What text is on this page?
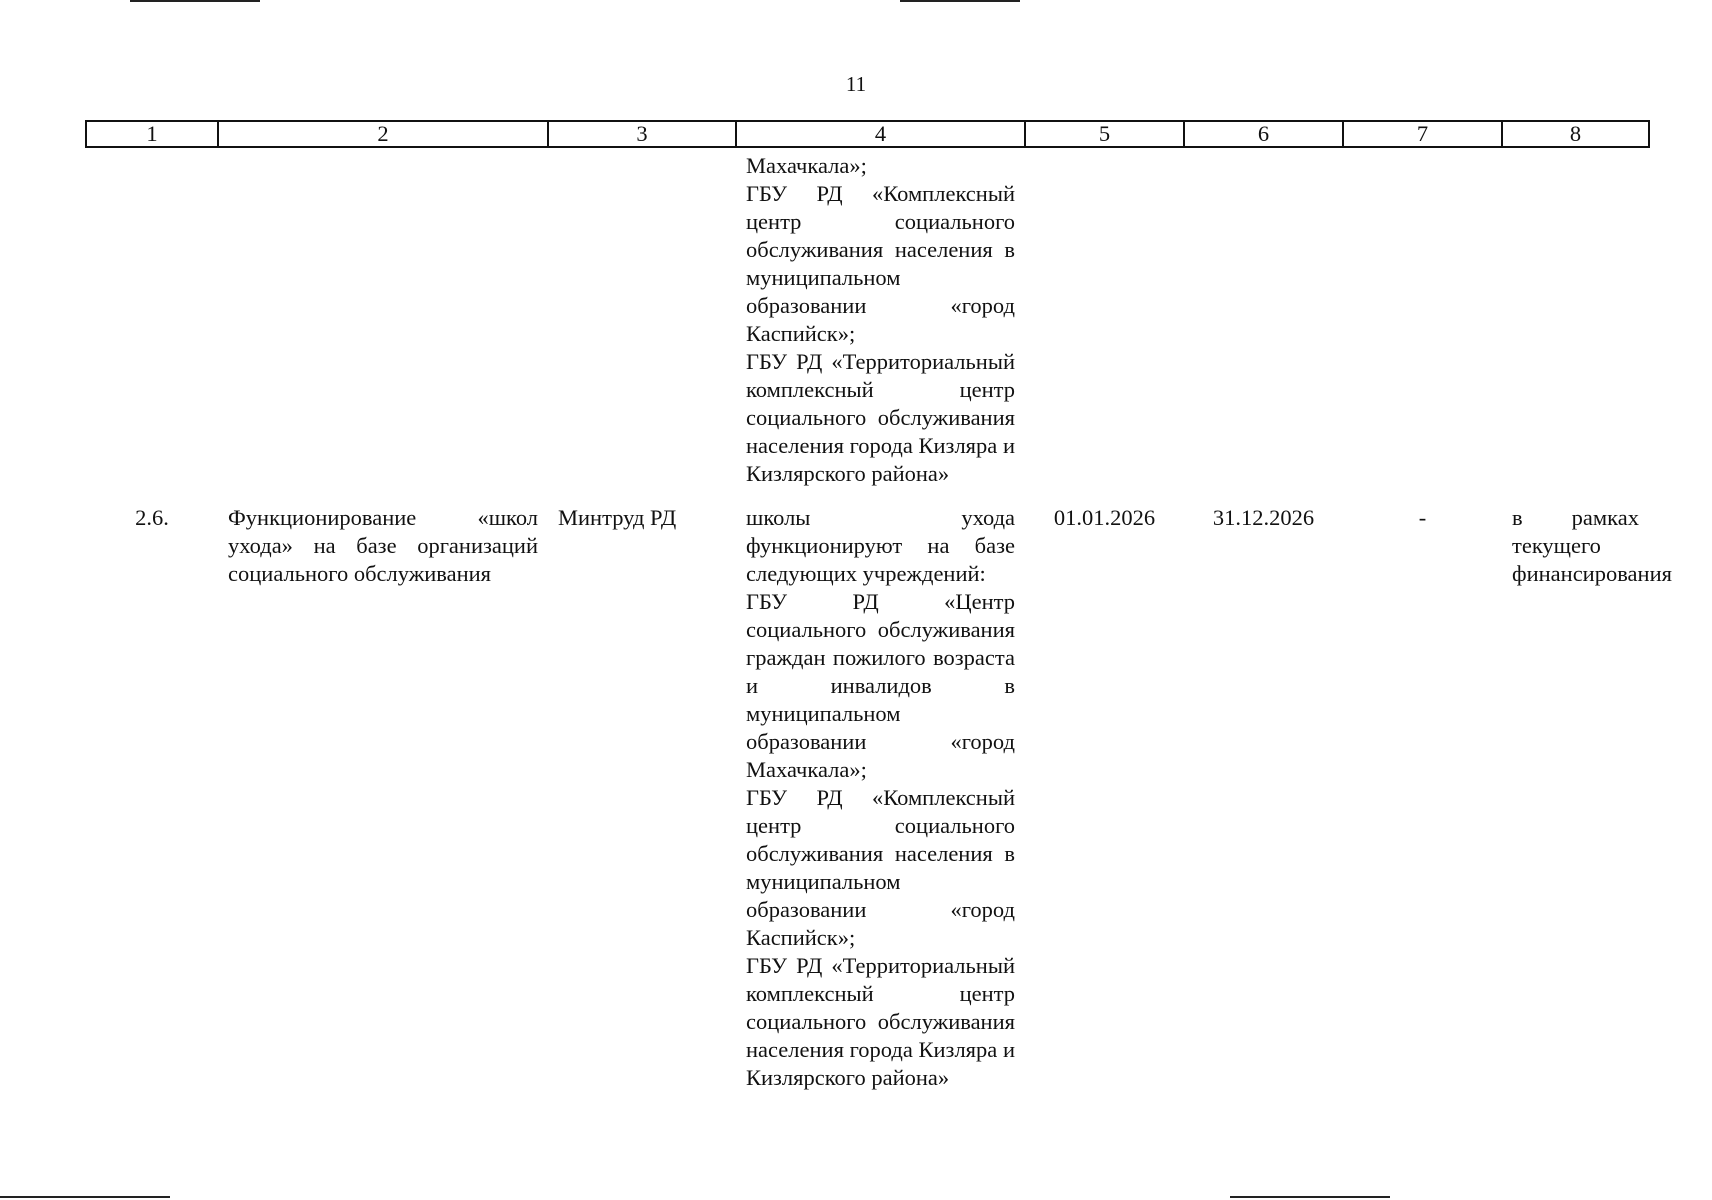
11
1	2	3	4	5	6	7	8

			Махачкала»;
ГБУ РД «Комплексный центр социального обслуживания населения в муниципальном образовании «город Каспийск»;
ГБУ РД «Территориальный комплексный центр социального обслуживания населения города Кизляра и Кизлярского района»				

2.6.	Функционирование «школ ухода» на базе организаций социального обслуживания	Минтруд РД	школы ухода функционируют на базе следующих учреждений:
ГБУ РД «Центр социального обслуживания граждан пожилого возраста и инвалидов в муниципальном образовании «город Махачкала»;
ГБУ РД «Комплексный центр социального обслуживания населения в муниципальном образовании «город Каспийск»;
ГБУ РД «Территориальный комплексный центр социального обслуживания населения города Кизляра и Кизлярского района»	01.01.2026	31.12.2026	-	в рамках текущего финансирования
